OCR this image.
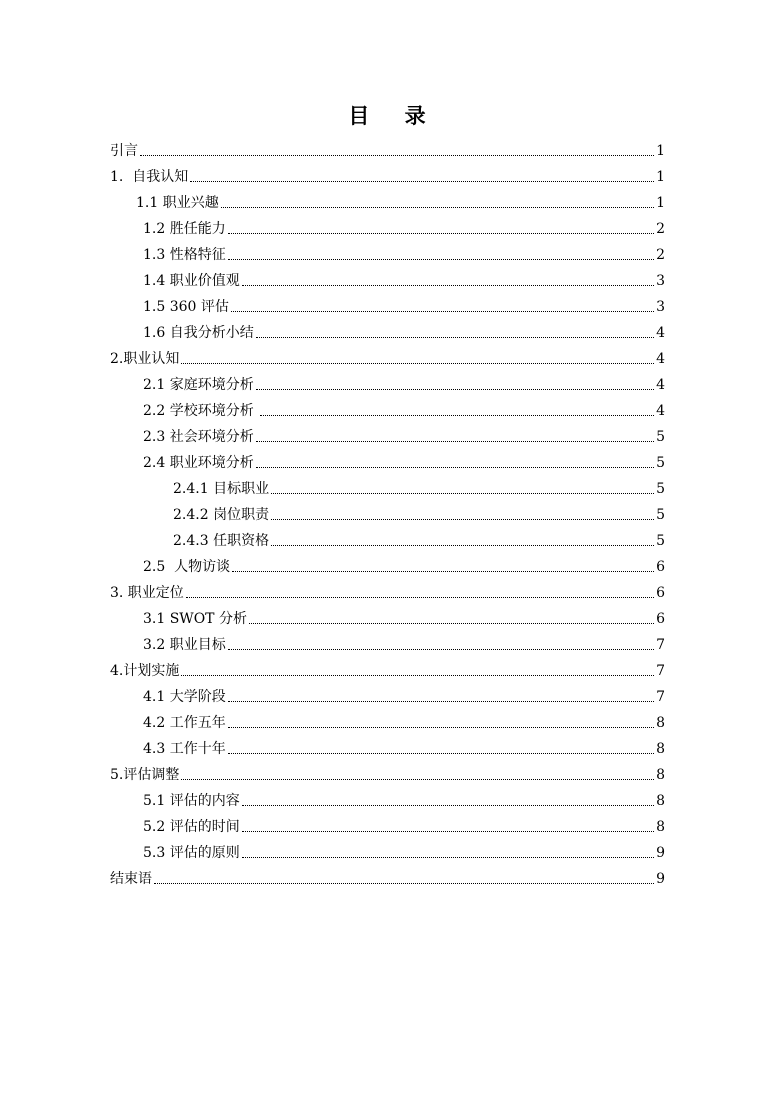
目 录
引言	1
1.  自我认知	1
1.1 职业兴趣	1
1.2 胜任能力	2
1.3 性格特征	2
1.4 职业价值观	3
1.5 360 评估	3
1.6 自我分析小结	4
2.职业认知	4
2.1 家庭环境分析	4
2.2 学校环境分析	4
2.3 社会环境分析	5
2.4 职业环境分析	5
2.4.1 目标职业	5
2.4.2 岗位职责	5
2.4.3 任职资格	5
2.5  人物访谈	6
3. 职业定位	6
3.1 SWOT 分析	6
3.2 职业目标	7
4.计划实施	7
4.1 大学阶段	7
4.2 工作五年	8
4.3 工作十年	8
5.评估调整	8
5.1 评估的内容	8
5.2 评估的时间	8
5.3 评估的原则	9
结束语	9
